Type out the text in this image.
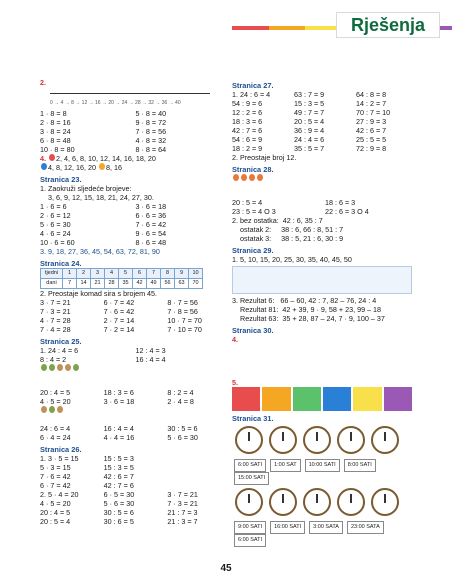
Rješenja
2.
0 → 4 → 8 → 12 → 16 → 20 → 24 → 28 → 32 → 36 → 40
1 · 8 = 8	5 · 8 = 40
2 · 8 = 16	9 · 8 = 72
3 · 8 = 24	7 · 8 = 56
6 · 8 = 48	4 · 8 = 32
10 · 8 = 80	8 · 8 = 64
4. 2, 4, 6, 8, 10, 12, 14, 16, 18, 20
4, 8, 12, 16, 20 8, 16
Stranica 23.
1. Zaokruži sljedeće brojeve:
3, 6, 9, 12, 15, 18, 21, 24, 27, 30.
1 · 6 = 6	3 · 6 = 18
2 · 6 = 12	6 · 6 = 36
5 · 6 = 30	7 · 6 = 42
4 · 6 = 24	9 · 6 = 54
10 · 6 = 60	8 · 6 = 48
3. 9, 18, 27, 36, 45, 54, 63, 72, 81, 90
Stranica 24.
tjedni	1	2	3	4	5	6	7	8	9	10
dani	7	14	21	28	35	42	49	56	63	70
2. Preostaje komad sira s brojem 45.
3 · 7 = 21	6 · 7 = 42	8 · 7 = 56
7 · 3 = 21	7 · 6 = 42	7 · 8 = 56
4 · 7 = 28	2 · 7 = 14	10 · 7 = 70
7 · 4 = 28	7 · 2 = 14	7 · 10 = 70
Stranica 25.
1. 24 : 4 = 6	12 : 4 = 3
8 : 4 = 2	16 : 4 = 4
20 : 4 = 5	18 : 3 = 6	8 : 2 = 4
4 · 5 = 20	3 · 6 = 18	2 · 4 = 8
24 : 6 = 4	16 : 4 = 4	30 : 5 = 6
6 · 4 = 24	4 · 4 = 16	5 · 6 = 30
Stranica 26.
1. 3 · 5 = 15	15 : 5 = 3
5 · 3 = 15	15 : 3 = 5
7 · 6 = 42	42 : 6 = 7
6 · 7 = 42	42 : 7 = 6
2. 5 · 4 = 20	6 · 5 = 30	3 · 7 = 21
4 · 5 = 20	5 · 6 = 30	7 · 3 = 21
20 : 4 = 5	30 : 5 = 6	21 : 7 = 3
20 : 5 = 4	30 : 6 = 5	21 : 3 = 7
Stranica 27.
1. 24 : 6 = 4	63 : 7 = 9	64 : 8 = 8
54 : 9 = 6	15 : 3 = 5	14 : 2 = 7
12 : 2 = 6	49 : 7 = 7	70 : 7 = 10
18 : 3 = 6	20 : 5 = 4	27 : 9 = 3
42 : 7 = 6	36 : 9 = 4	42 : 6 = 7
54 : 6 = 9	24 : 4 = 6	25 : 5 = 5
18 : 2 = 9	35 : 5 = 7	72 : 9 = 8
2. Preostaje broj 12.
Stranica 28.
20 : 5 = 4	18 : 6 = 3
23 : 5 = 4 O 3	22 : 6 = 3 O 4
2. bez ostatka:  42 : 6, 35 : 7
ostatak 2:     38 : 6, 66 : 8, 51 : 7
ostatak 3:     38 : 5, 21 : 6, 30 : 9
Stranica 29.
1. 5, 10, 15, 20, 25, 30, 35, 40, 45, 50
3. Rezultat 6:   66 – 60, 42 : 7, 82 – 76, 24 : 4
Rezultat 81:  42 + 39, 9 · 9, 58 + 23, 99 – 18
Rezultat 63:  35 + 28, 87 – 24, 7 · 9, 100 – 37
Stranica 30.
4.
5.
Stranica 31.
6:00 SATI 1:00 SAT 10:00 SATI 8:00 SATI15:00 SATI
9:00 SATI 16:00 SATI 3:00 SATA 23:00 SATA6:00 SATI
45
